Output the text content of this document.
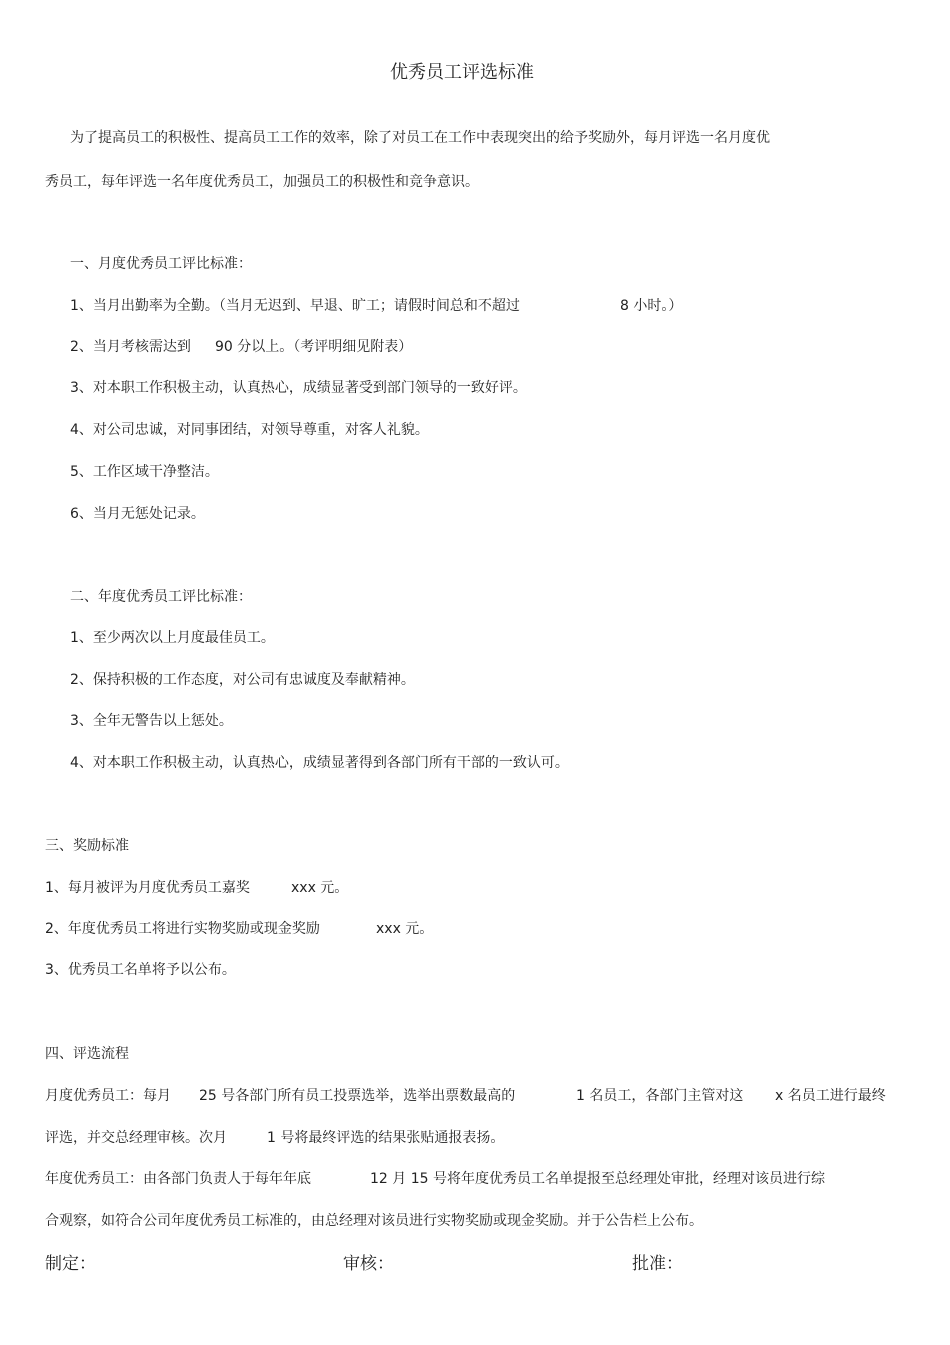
优秀员工评选标准
为了提高员工的积极性、提高员工工作的效率，除了对员工在工作中表现突出的给予奖励外，每月评选一名月度优
秀员工，每年评选一名年度优秀员工，加强员工的积极性和竞争意识。
一、月度优秀员工评比标准：
1、当月出勤率为全勤。（当月无迟到、早退、旷工；请假时间总和不超过	8 小时。）
2、当月考核需达到 90 分以上。（考评明细见附表）
3、对本职工作积极主动，认真热心，成绩显著受到部门领导的一致好评。
4、对公司忠诚，对同事团结，对领导尊重，对客人礼貌。
5、工作区域干净整洁。
6、当月无惩处记录。
二、年度优秀员工评比标准：
1、至少两次以上月度最佳员工。
2、保持积极的工作态度，对公司有忠诚度及奉献精神。
3、全年无警告以上惩处。
4、对本职工作积极主动，认真热心，成绩显著得到各部门所有干部的一致认可。
三、奖励标准
1、每月被评为月度优秀员工嘉奖	xxx 元。
2、年度优秀员工将进行实物奖励或现金奖励	xxx 元。
3、优秀员工名单将予以公布。
四、评选流程
月度优秀员工：每月 25 号各部门所有员工投票选举，选举出票数最高的	1 名员工，各部门主管对这 x 名员工进行最终
评选，并交总经理审核。次月	1 号将最终评选的结果张贴通报表扬。
年度优秀员工：由各部门负责人于每年年底	12 月 15 号将年度优秀员工名单提报至总经理处审批，经理对该员进行综
合观察，如符合公司年度优秀员工标准的，由总经理对该员进行实物奖励或现金奖励。并于公告栏上公布。
制定：	审核：	批准：
